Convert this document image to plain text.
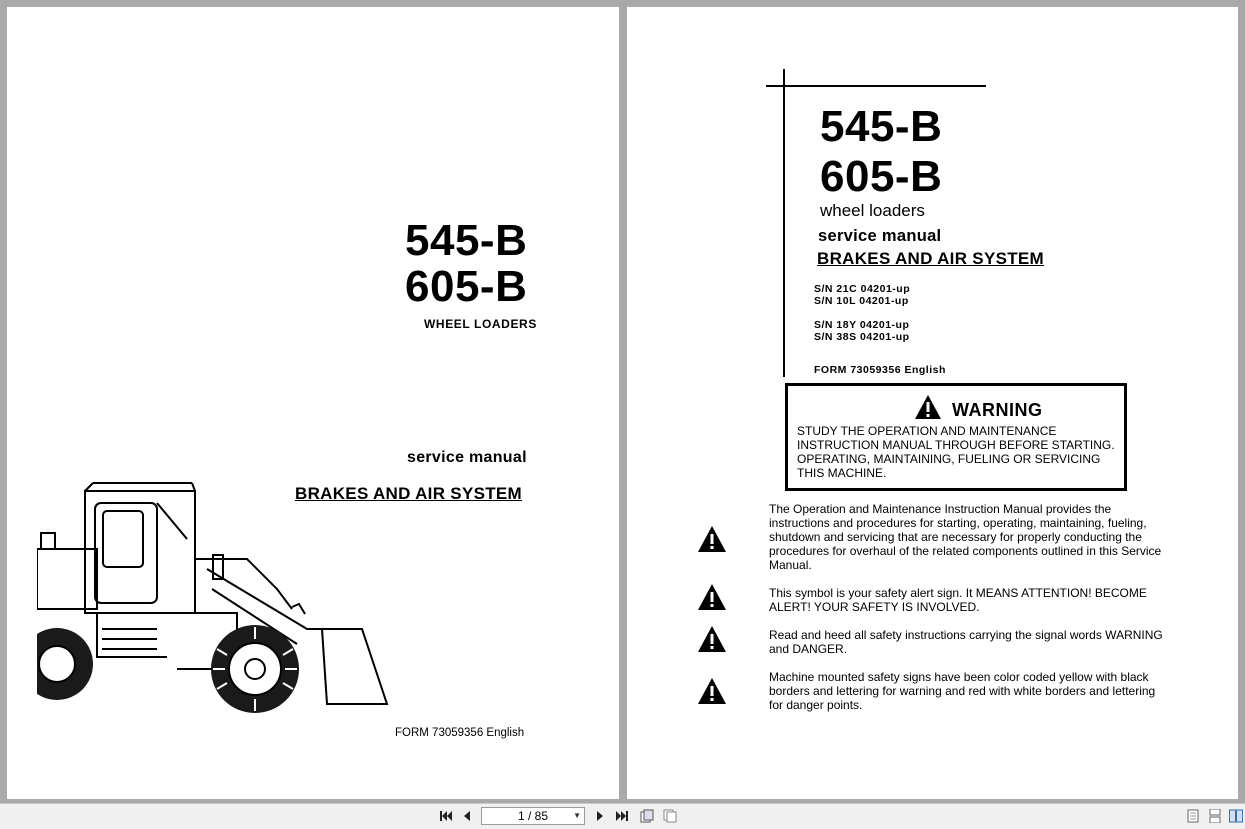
545-B
605-B
WHEEL LOADERS
service manual
BRAKES AND AIR SYSTEM
FORM 73059356 English
545-B
605-B
wheel loaders
service manual
BRAKES AND AIR SYSTEM
S/N 21C 04201-up
S/N 10L 04201-up
S/N 18Y 04201-up
S/N 38S 04201-up
FORM 73059356 English
WARNING
STUDY THE OPERATION AND MAINTENANCE INSTRUCTION MANUAL THROUGH BEFORE STARTING. OPERATING, MAINTAINING, FUELING OR SERVICING THIS MACHINE.
The Operation and Maintenance Instruction Manual provides the instructions and procedures for starting, operating, maintaining, fueling, shutdown and servicing that are necessary for properly conducting the procedures for overhaul of the related components outlined in this Service Manual.
This symbol is your safety alert sign. It MEANS ATTENTION! BECOME ALERT! YOUR SAFETY IS INVOLVED.
Read and heed all safety instructions carrying the signal words WARNING and DANGER.
Machine mounted safety signs have been color coded yellow with black borders and lettering for warning and red with white borders and lettering for danger points.
1 / 85	▼
